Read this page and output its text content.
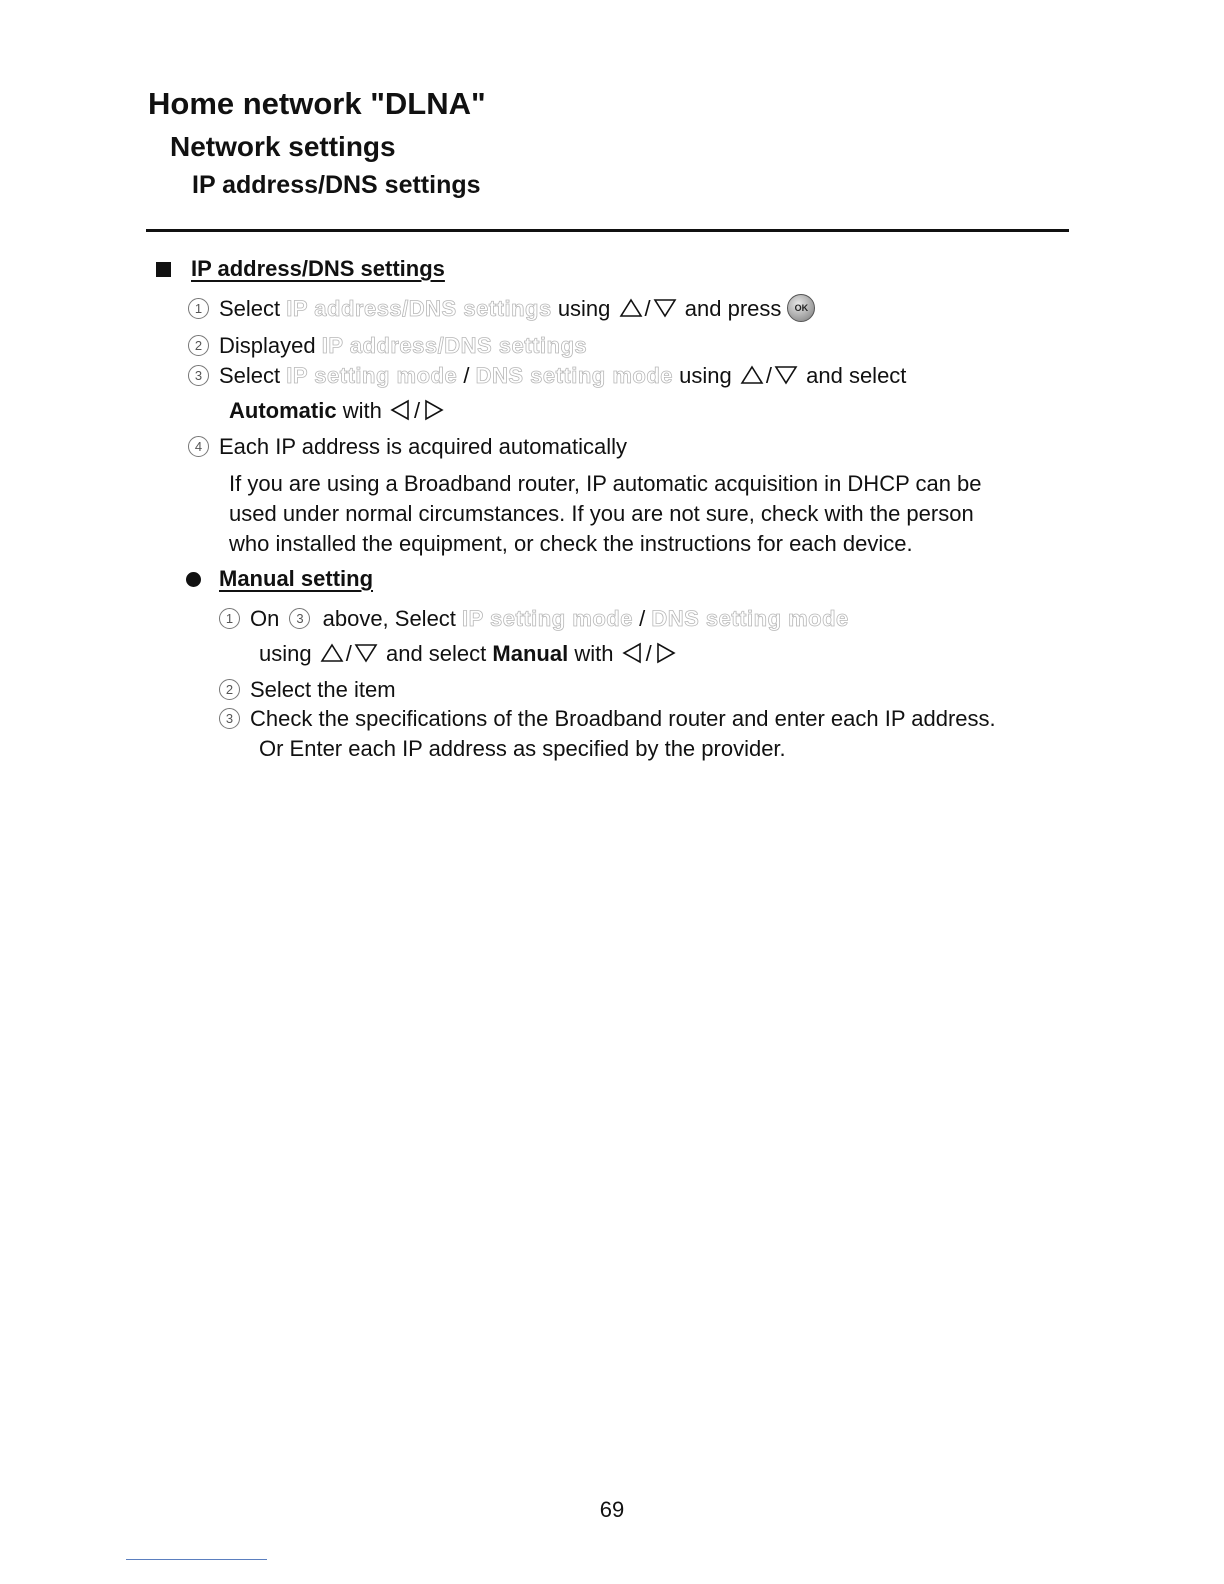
Home network "DLNA"
Network settings
IP address/DNS settings
IP address/DNS settings
1 Select IP address/DNS settings using / and press OK
2 Displayed IP address/DNS settings
3 Select IP setting mode / DNS setting mode using / and select
Automatic with /
4 Each IP address is acquired automatically
If you are using a Broadband router, IP automatic acquisition in DHCP can be
used under normal circumstances. If you are not sure, check with the person
who installed the equipment, or check the instructions for each device.
Manual setting
1 On 3 above, Select IP setting mode / DNS setting mode
using / and select Manual with /
2 Select the item
3 Check the specifications of the Broadband router and enter each IP address.
Or Enter each IP address as specified by the provider.
69
